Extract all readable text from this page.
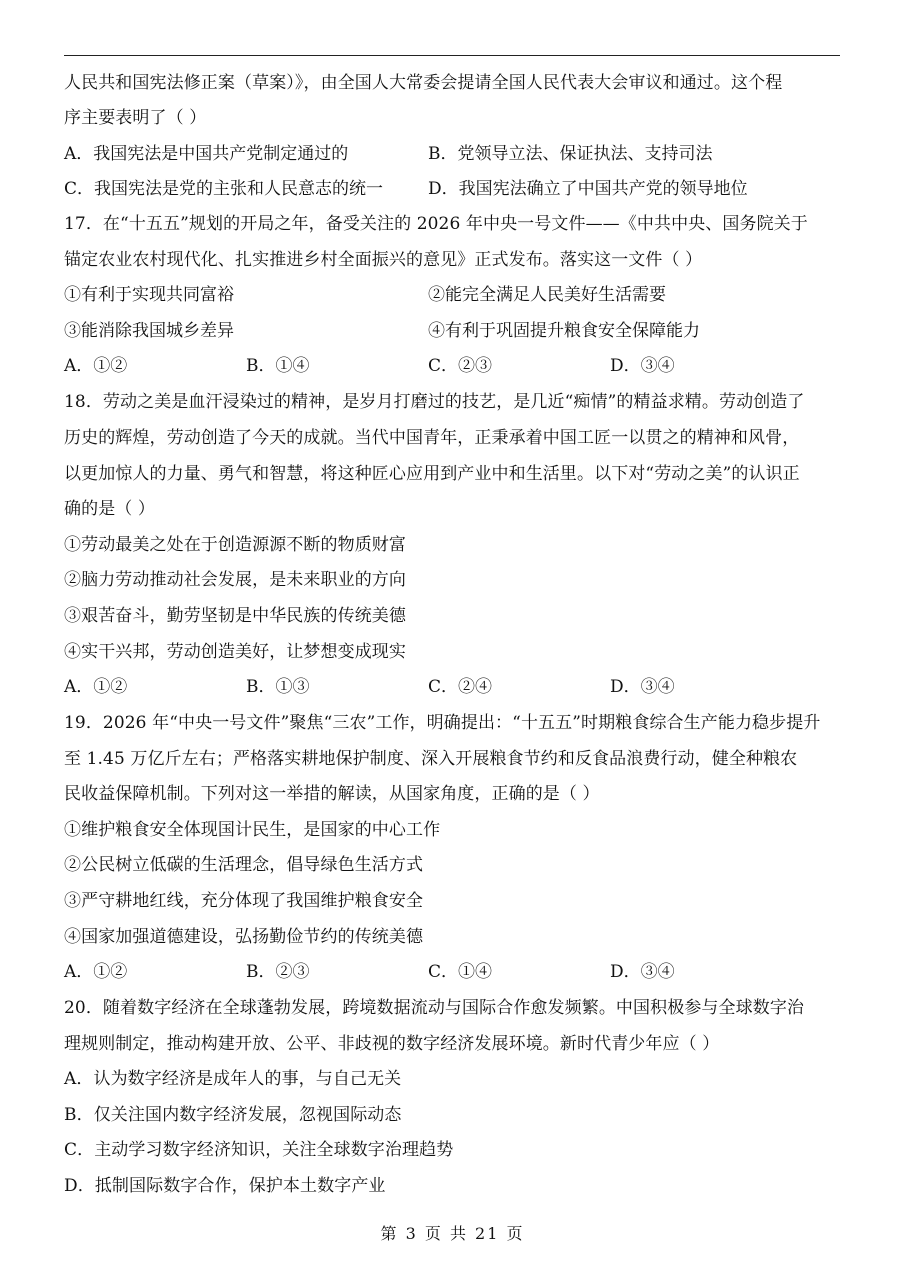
人民共和国宪法修正案（草案）》，由全国人大常委会提请全国人民代表大会审议和通过。这个程
序主要表明了（ ）
A．我国宪法是中国共产党制定通过的	B．党领导立法、保证执法、支持司法
C．我国宪法是党的主张和人民意志的统一	D．我国宪法确立了中国共产党的领导地位
17．在“十五五”规划的开局之年，备受关注的 2026 年中央一号文件——《中共中央、国务院关于
锚定农业农村现代化、扎实推进乡村全面振兴的意见》正式发布。落实这一文件（ ）
①有利于实现共同富裕	②能完全满足人民美好生活需要
③能消除我国城乡差异	④有利于巩固提升粮食安全保障能力
A．①②	B．①④	C．②③	D．③④
18．劳动之美是血汗浸染过的精神，是岁月打磨过的技艺，是几近“痴情”的精益求精。劳动创造了
历史的辉煌，劳动创造了今天的成就。当代中国青年，正秉承着中国工匠一以贯之的精神和风骨，
以更加惊人的力量、勇气和智慧，将这种匠心应用到产业中和生活里。以下对“劳动之美”的认识正
确的是（ ）
①劳动最美之处在于创造源源不断的物质财富
②脑力劳动推动社会发展，是未来职业的方向
③艰苦奋斗，勤劳坚韧是中华民族的传统美德
④实干兴邦，劳动创造美好，让梦想变成现实
A．①②	B．①③	C．②④	D．③④
19．2026 年“中央一号文件”聚焦“三农”工作，明确提出：“十五五”时期粮食综合生产能力稳步提升
至 1.45 万亿斤左右；严格落实耕地保护制度、深入开展粮食节约和反食品浪费行动，健全种粮农
民收益保障机制。下列对这一举措的解读，从国家角度，正确的是（ ）
①维护粮食安全体现国计民生，是国家的中心工作
②公民树立低碳的生活理念，倡导绿色生活方式
③严守耕地红线，充分体现了我国维护粮食安全
④国家加强道德建设，弘扬勤俭节约的传统美德
A．①②	B．②③	C．①④	D．③④
20．随着数字经济在全球蓬勃发展，跨境数据流动与国际合作愈发频繁。中国积极参与全球数字治
理规则制定，推动构建开放、公平、非歧视的数字经济发展环境。新时代青少年应（ ）
A．认为数字经济是成年人的事，与自己无关
B．仅关注国内数字经济发展，忽视国际动态
C．主动学习数字经济知识，关注全球数字治理趋势
D．抵制国际数字合作，保护本土数字产业
第 3 页 共 21 页
